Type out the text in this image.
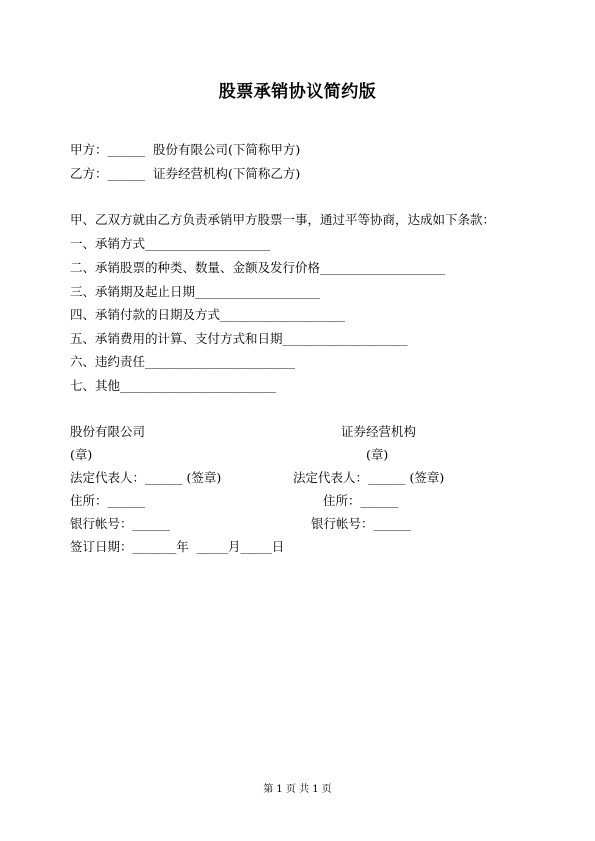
股票承销协议简约版
甲方：______  股份有限公司(下简称甲方)
乙方：______  证券经营机构(下简称乙方)
甲、乙双方就由乙方负责承销甲方股票一事，通过平等协商，达成如下条款：
一、承销方式____________________
二、承销股票的种类、数量、金额及发行价格____________________
三、承销期及起止日期____________________
四、承销付款的日期及方式____________________
五、承销费用的计算、支付方式和日期____________________
六、违约责任________________________
七、其他_________________________
股份有限公司	证券经营机构
(章)	(章)
法定代表人：______ (签章)	法定代表人：______ (签章)
住所：______	住所：______
银行帐号：______	银行帐号：______
签订日期：_______年  _____月_____日
第 1 页 共 1 页
